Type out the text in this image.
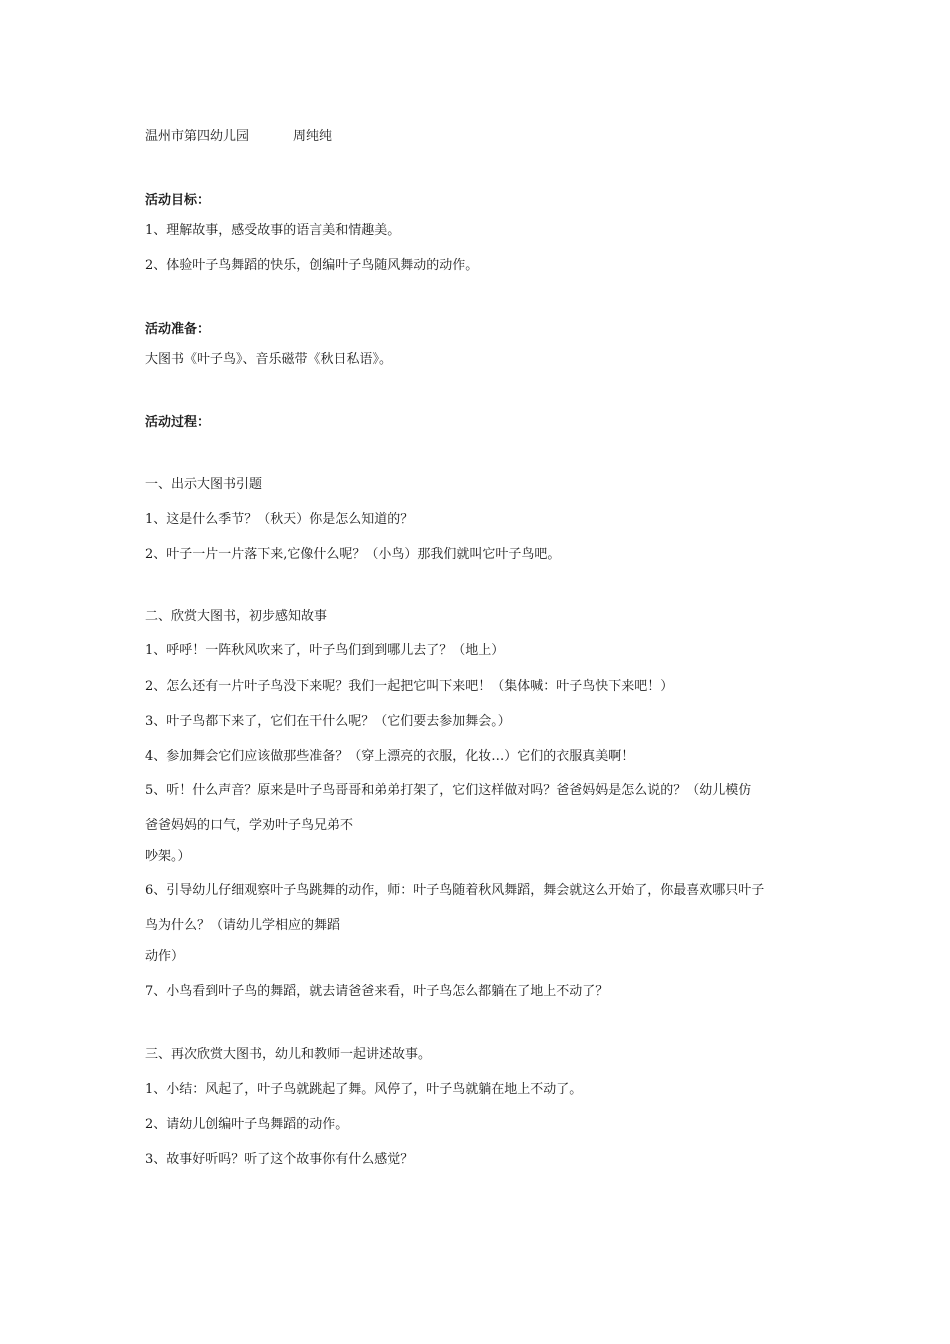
温州市第四幼儿园	周纯纯
活动目标：
1、理解故事，感受故事的语言美和情趣美。
2、体验叶子鸟舞蹈的快乐，创编叶子鸟随风舞动的动作。
活动准备：
大图书《叶子鸟》、音乐磁带《秋日私语》。
活动过程：
一、出示大图书引题
1、这是什么季节？（秋天）你是怎么知道的？
2、叶子一片一片落下来,它像什么呢？（小鸟）那我们就叫它叶子鸟吧。
二、欣赏大图书，初步感知故事
1、呼呼！一阵秋风吹来了，叶子鸟们到到哪儿去了？（地上）
2、怎么还有一片叶子鸟没下来呢？我们一起把它叫下来吧！（集体喊：叶子鸟快下来吧！）
3、叶子鸟都下来了，它们在干什么呢？（它们要去参加舞会。）
4、参加舞会它们应该做那些准备？（穿上漂亮的衣服，化妆…）它们的衣服真美啊！
5、听！什么声音？原来是叶子鸟哥哥和弟弟打架了，它们这样做对吗？爸爸妈妈是怎么说的？（幼儿模仿
爸爸妈妈的口气，学劝叶子鸟兄弟不
吵架。）
6、引导幼儿仔细观察叶子鸟跳舞的动作，师：叶子鸟随着秋风舞蹈，舞会就这么开始了，你最喜欢哪只叶子
鸟为什么？（请幼儿学相应的舞蹈
动作）
7、小鸟看到叶子鸟的舞蹈，就去请爸爸来看，叶子鸟怎么都躺在了地上不动了？
三、再次欣赏大图书，幼儿和教师一起讲述故事。
1、小结：风起了，叶子鸟就跳起了舞。风停了，叶子鸟就躺在地上不动了。
2、请幼儿创编叶子鸟舞蹈的动作。
3、故事好听吗？听了这个故事你有什么感觉？
